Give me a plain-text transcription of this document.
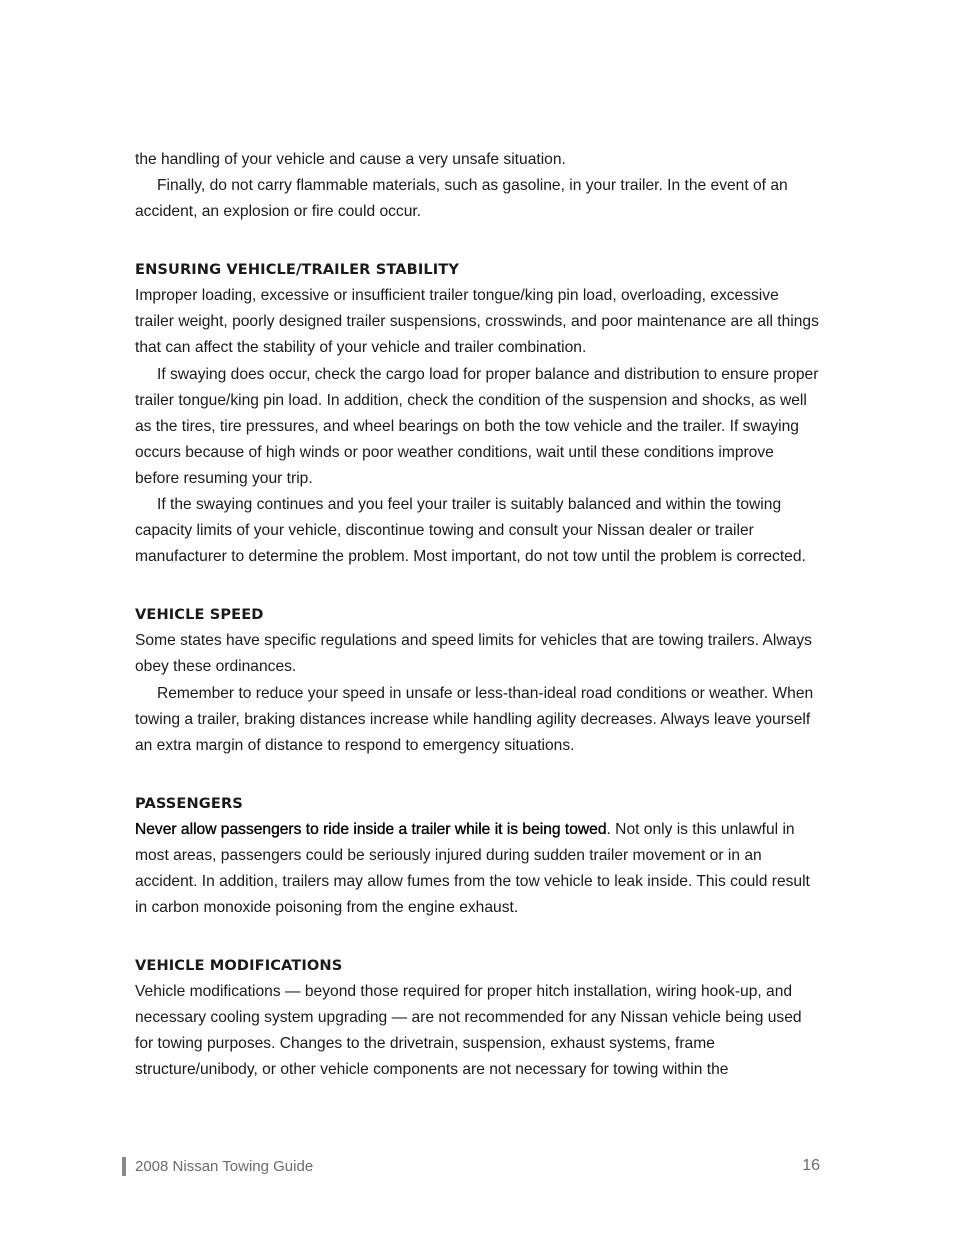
the handling of your vehicle and cause a very unsafe situation.

Finally, do not carry flammable materials, such as gasoline, in your trailer. In the event of an accident, an explosion or fire could occur.

ENSURING VEHICLE/TRAILER STABILITY

Improper loading, excessive or insufficient trailer tongue/king pin load, overloading, excessive trailer weight, poorly designed trailer suspensions, crosswinds, and poor maintenance are all things that can affect the stability of your vehicle and trailer combination.

If swaying does occur, check the cargo load for proper balance and distribution to ensure proper trailer tongue/king pin load. In addition, check the condition of the suspension and shocks, as well as the tires, tire pressures, and wheel bearings on both the tow vehicle and the trailer. If swaying occurs because of high winds or poor weather conditions, wait until these conditions improve before resuming your trip.

If the swaying continues and you feel your trailer is suitably balanced and within the towing capacity limits of your vehicle, discontinue towing and consult your Nissan dealer or trailer manufacturer to determine the problem. Most important, do not tow until the problem is corrected.

VEHICLE SPEED

Some states have specific regulations and speed limits for vehicles that are towing trailers. Always obey these ordinances.

Remember to reduce your speed in unsafe or less-than-ideal road conditions or weather. When towing a trailer, braking distances increase while handling agility decreases. Always leave yourself an extra margin of distance to respond to emergency situations.

PASSENGERS

Never allow passengers to ride inside a trailer while it is being towed. Not only is this unlawful in most areas, passengers could be seriously injured during sudden trailer movement or in an accident. In addition, trailers may allow fumes from the tow vehicle to leak inside. This could result in carbon monoxide poisoning from the engine exhaust.

VEHICLE MODIFICATIONS

Vehicle modifications — beyond those required for proper hitch installation, wiring hook-up, and necessary cooling system upgrading — are not recommended for any Nissan vehicle being used for towing purposes. Changes to the drivetrain, suspension, exhaust systems, frame structure/unibody, or other vehicle components are not necessary for towing within the

2008 Nissan Towing Guide	16
